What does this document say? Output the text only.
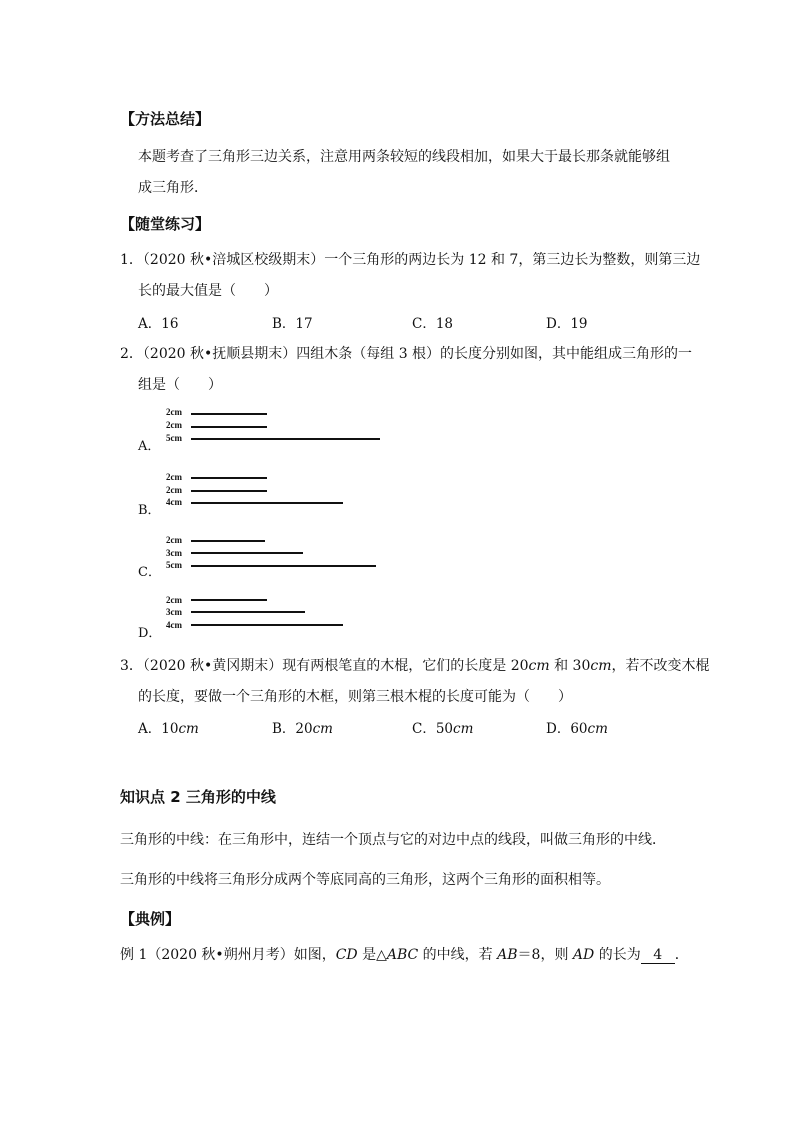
【方法总结】
本题考查了三角形三边关系，注意用两条较短的线段相加，如果大于最长那条就能够组
成三角形．
【随堂练习】
1．（2020 秋•涪城区校级期末）一个三角形的两边长为 12 和 7，第三边长为整数，则第三边
长的最大值是（　　）
A．16	B．17	C．18	D．19
2．（2020 秋•抚顺县期末）四组木条（每组 3 根）的长度分别如图，其中能组成三角形的一
组是（　　）
2cm
2cm
5cm
A．
2cm
2cm
4cm
B．
2cm
3cm
5cm
C．
2cm
3cm
4cm
D．
3．（2020 秋•黄冈期末）现有两根笔直的木棍，它们的长度是 20cm 和 30cm，若不改变木棍
的长度，要做一个三角形的木框，则第三根木棍的长度可能为（　　）
A．10cm	B．20cm	C．50cm	D．60cm
知识点 2 三角形的中线
三角形的中线：在三角形中，连结一个顶点与它的对边中点的线段，叫做三角形的中线．
三角形的中线将三角形分成两个等底同高的三角形，这两个三角形的面积相等。
【典例】
例 1（2020 秋•朔州月考）如图，CD 是△ABC 的中线，若 AB＝8，则 AD 的长为 4 ．
